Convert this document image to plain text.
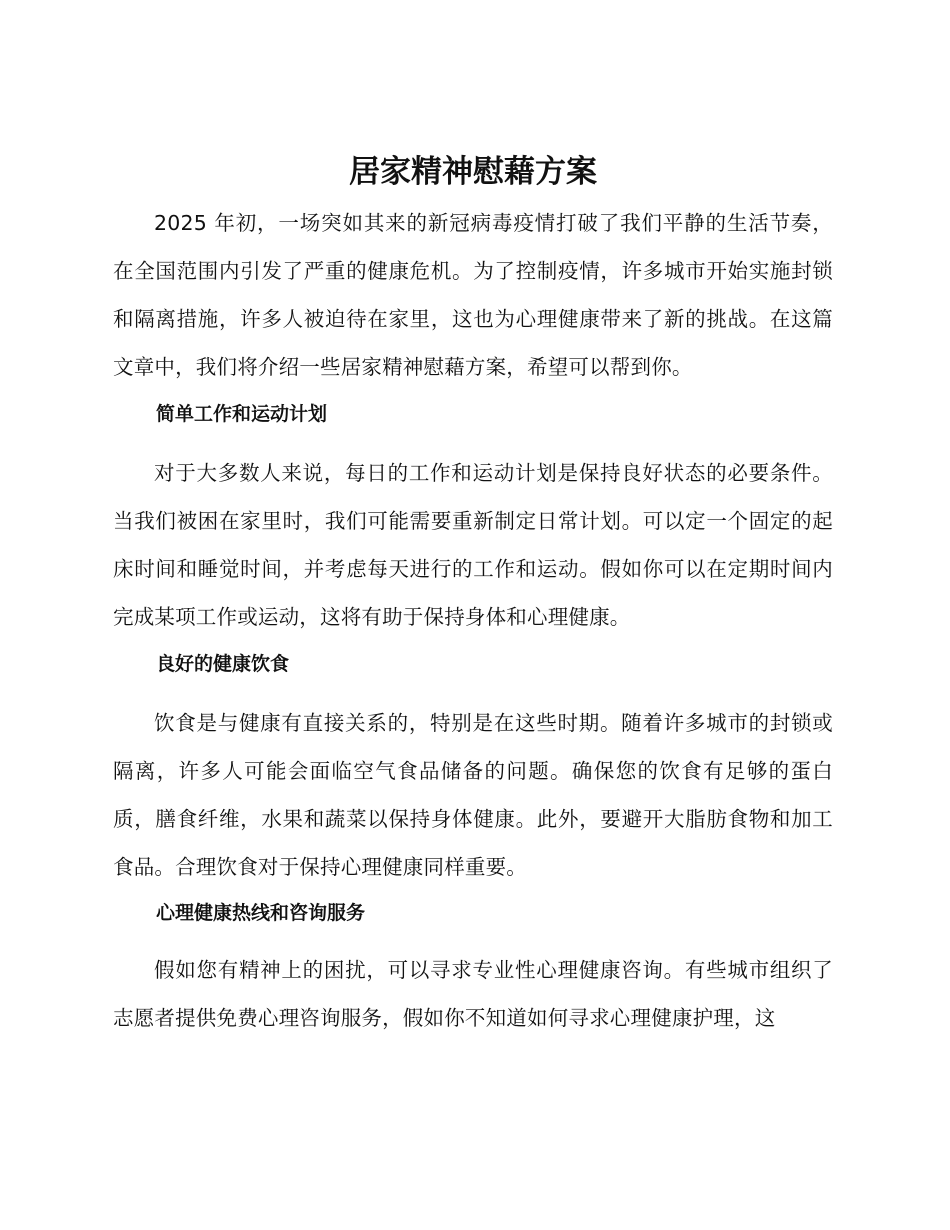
居家精神慰藉方案

2025 年初，一场突如其来的新冠病毒疫情打破了我们平静的生活节奏，在全国范围内引发了严重的健康危机。为了控制疫情，许多城市开始实施封锁和隔离措施，许多人被迫待在家里，这也为心理健康带来了新的挑战。在这篇文章中，我们将介绍一些居家精神慰藉方案，希望可以帮到你。

简单工作和运动计划

对于大多数人来说，每日的工作和运动计划是保持良好状态的必要条件。当我们被困在家里时，我们可能需要重新制定日常计划。可以定一个固定的起床时间和睡觉时间，并考虑每天进行的工作和运动。假如你可以在定期时间内完成某项工作或运动，这将有助于保持身体和心理健康。

良好的健康饮食

饮食是与健康有直接关系的，特别是在这些时期。随着许多城市的封锁或隔离，许多人可能会面临空气食品储备的问题。确保您的饮食有足够的蛋白质，膳食纤维，水果和蔬菜以保持身体健康。此外，要避开大脂肪食物和加工食品。合理饮食对于保持心理健康同样重要。

心理健康热线和咨询服务

假如您有精神上的困扰，可以寻求专业性心理健康咨询。有些城市组织了志愿者提供免费心理咨询服务，假如你不知道如何寻求心理健康护理，这
